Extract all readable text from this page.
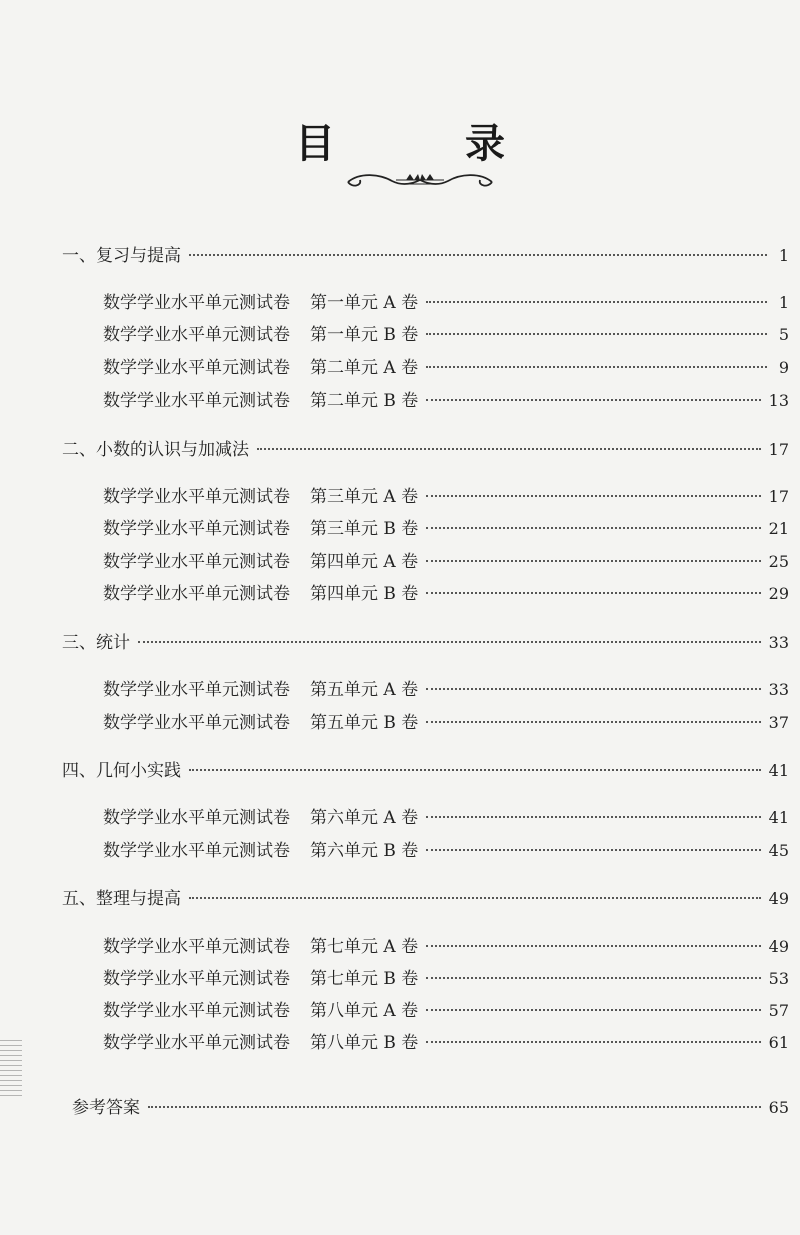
目 录
一、复习与提高	1
数学学业水平单元测试卷 第一单元 A 卷	1
数学学业水平单元测试卷 第一单元 B 卷	5
数学学业水平单元测试卷 第二单元 A 卷	9
数学学业水平单元测试卷 第二单元 B 卷	13
二、小数的认识与加减法	17
数学学业水平单元测试卷 第三单元 A 卷	17
数学学业水平单元测试卷 第三单元 B 卷	21
数学学业水平单元测试卷 第四单元 A 卷	25
数学学业水平单元测试卷 第四单元 B 卷	29
三、统计	33
数学学业水平单元测试卷 第五单元 A 卷	33
数学学业水平单元测试卷 第五单元 B 卷	37
四、几何小实践	41
数学学业水平单元测试卷 第六单元 A 卷	41
数学学业水平单元测试卷 第六单元 B 卷	45
五、整理与提高	49
数学学业水平单元测试卷 第七单元 A 卷	49
数学学业水平单元测试卷 第七单元 B 卷	53
数学学业水平单元测试卷 第八单元 A 卷	57
数学学业水平单元测试卷 第八单元 B 卷	61
参考答案	65
